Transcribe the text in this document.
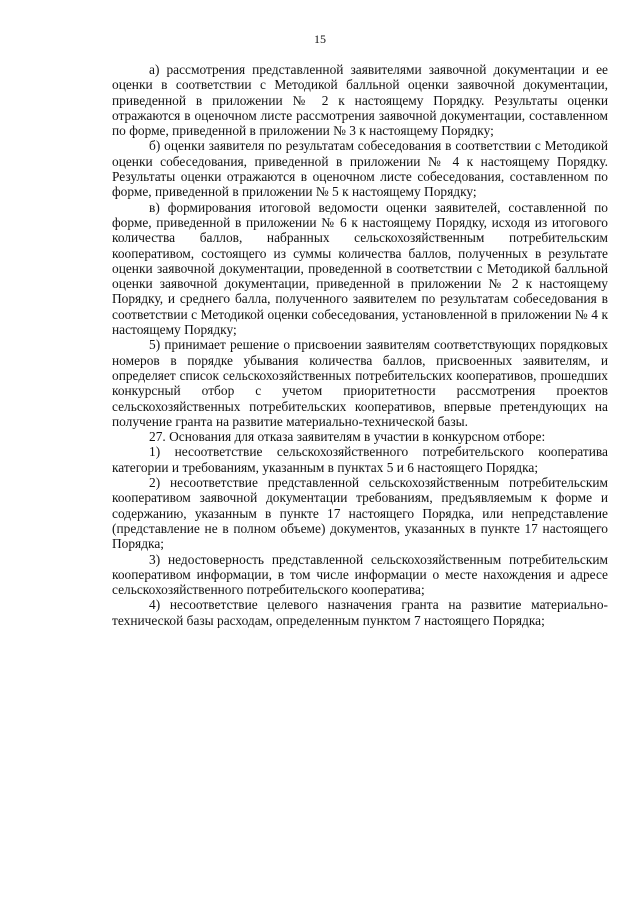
15

а) рассмотрения представленной заявителями заявочной документации и ее оценки в соответствии с Методикой балльной оценки заявочной документации, приведенной в приложении № 2 к настоящему Порядку. Результаты оценки отражаются в оценочном листе рассмотрения заявочной документации, составленном по форме, приведенной в приложении № 3 к настоящему Порядку;

б) оценки заявителя по результатам собеседования в соответствии с Методикой оценки собеседования, приведенной в приложении № 4 к настоящему Порядку. Результаты оценки отражаются в оценочном листе собеседования, составленном по форме, приведенной в приложении № 5 к настоящему Порядку;

в) формирования итоговой ведомости оценки заявителей, составленной по форме, приведенной в приложении № 6 к настоящему Порядку, исходя из итогового количества баллов, набранных сельскохозяйственным потребительским кооперативом, состоящего из суммы количества баллов, полученных в результате оценки заявочной документации, проведенной в соответствии с Методикой балльной оценки заявочной документации, приведенной в приложении № 2 к настоящему Порядку, и среднего балла, полученного заявителем по результатам собеседования в соответствии с Методикой оценки собеседования, установленной в приложении № 4 к настоящему Порядку;

5) принимает решение о присвоении заявителям соответствующих порядковых номеров в порядке убывания количества баллов, присвоенных заявителям, и определяет список сельскохозяйственных потребительских кооперативов, прошедших конкурсный отбор с учетом приоритетности рассмотрения проектов сельскохозяйственных потребительских кооперативов, впервые претендующих на получение гранта на развитие материально-технической базы.

27. Основания для отказа заявителям в участии в конкурсном отборе:

1) несоответствие сельскохозяйственного потребительского кооператива категории и требованиям, указанным в пунктах 5 и 6 настоящего Порядка;

2) несоответствие представленной сельскохозяйственным потребительским кооперативом заявочной документации требованиям, предъявляемым к форме и содержанию, указанным в пункте 17 настоящего Порядка, или непредставление (представление не в полном объеме) документов, указанных в пункте 17 настоящего Порядка;

3) недостоверность представленной сельскохозяйственным потребительским кооперативом информации, в том числе информации о месте нахождения и адресе сельскохозяйственного потребительского кооператива;

4) несоответствие целевого назначения гранта на развитие материально-технической базы расходам, определенным пунктом 7 настоящего Порядка;
